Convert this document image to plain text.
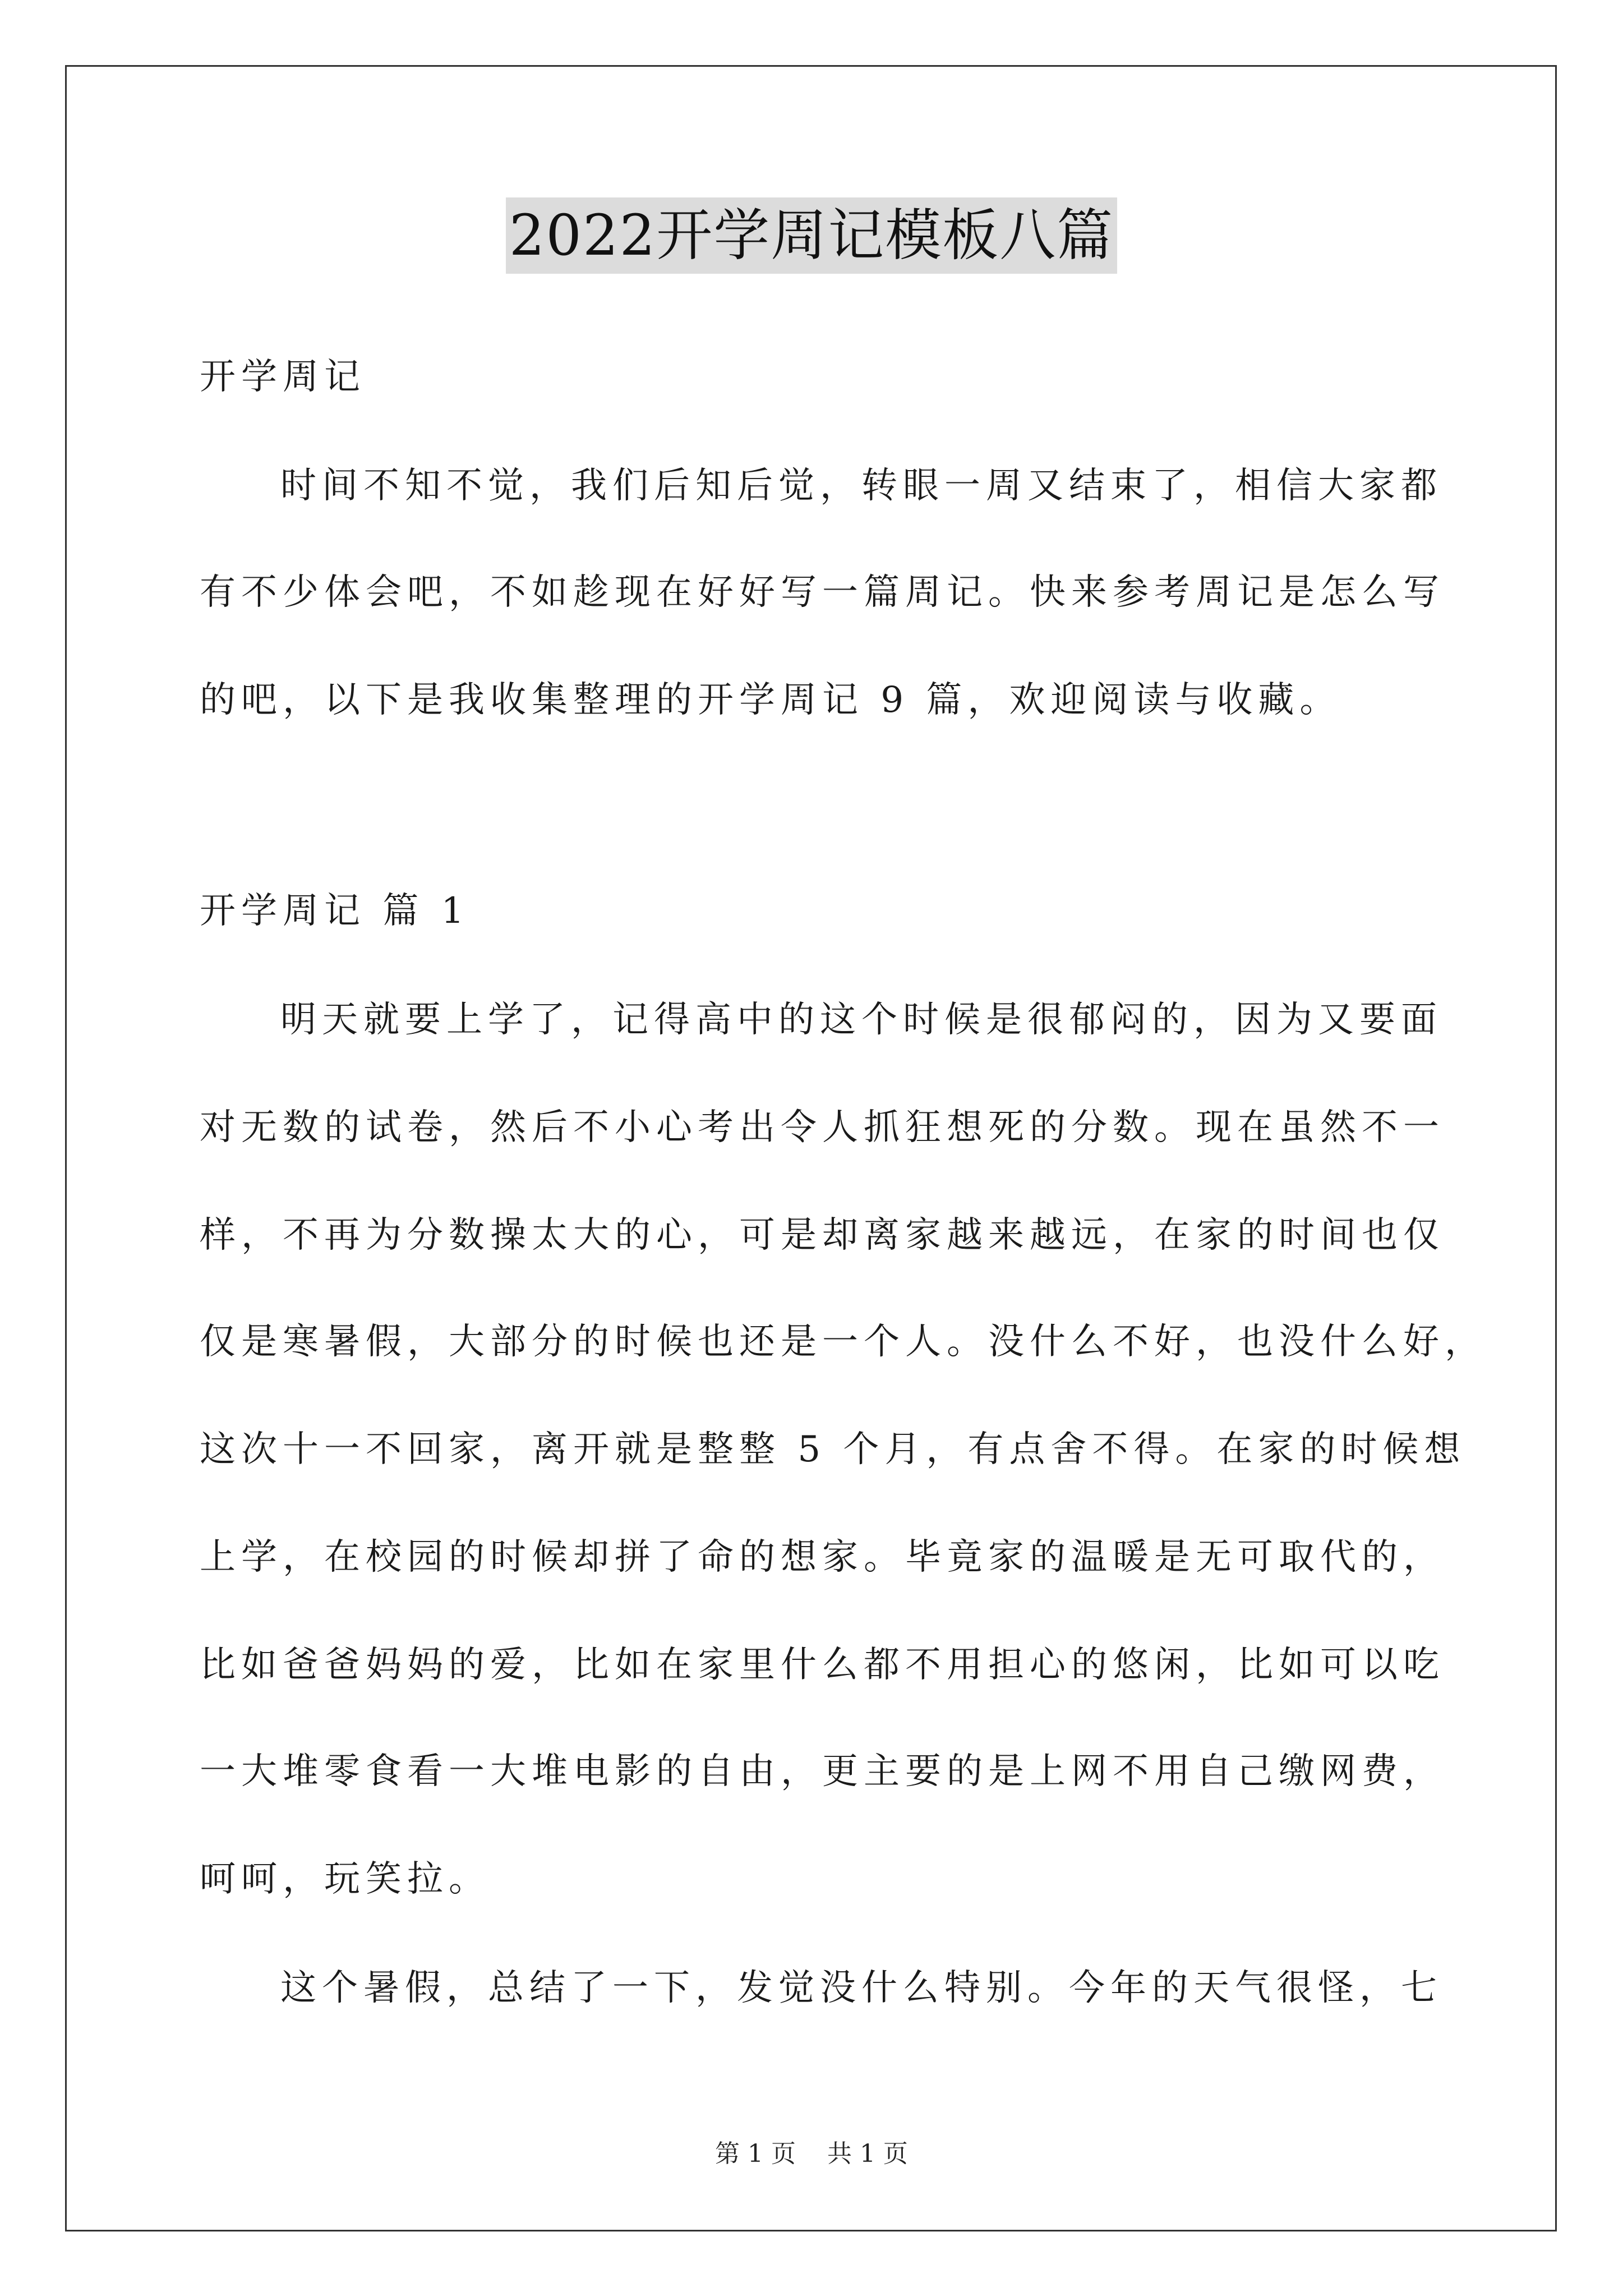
2022开学周记模板八篇
开学周记
时间不知不觉，我们后知后觉，转眼一周又结束了，相信大家都
有不少体会吧，不如趁现在好好写一篇周记。快来参考周记是怎么写
的吧，以下是我收集整理的开学周记 9 篇，欢迎阅读与收藏。
开学周记 篇 1
明天就要上学了，记得高中的这个时候是很郁闷的，因为又要面
对无数的试卷，然后不小心考出令人抓狂想死的分数。现在虽然不一
样，不再为分数操太大的心，可是却离家越来越远，在家的时间也仅
仅是寒暑假，大部分的时候也还是一个人。没什么不好，也没什么好，
这次十一不回家，离开就是整整 5 个月，有点舍不得。在家的时候想
上学，在校园的时候却拼了命的想家。毕竟家的温暖是无可取代的，
比如爸爸妈妈的爱，比如在家里什么都不用担心的悠闲，比如可以吃
一大堆零食看一大堆电影的自由，更主要的是上网不用自己缴网费，
呵呵，玩笑拉。
这个暑假，总结了一下，发觉没什么特别。今年的天气很怪，七
第 1 页 共 1 页
